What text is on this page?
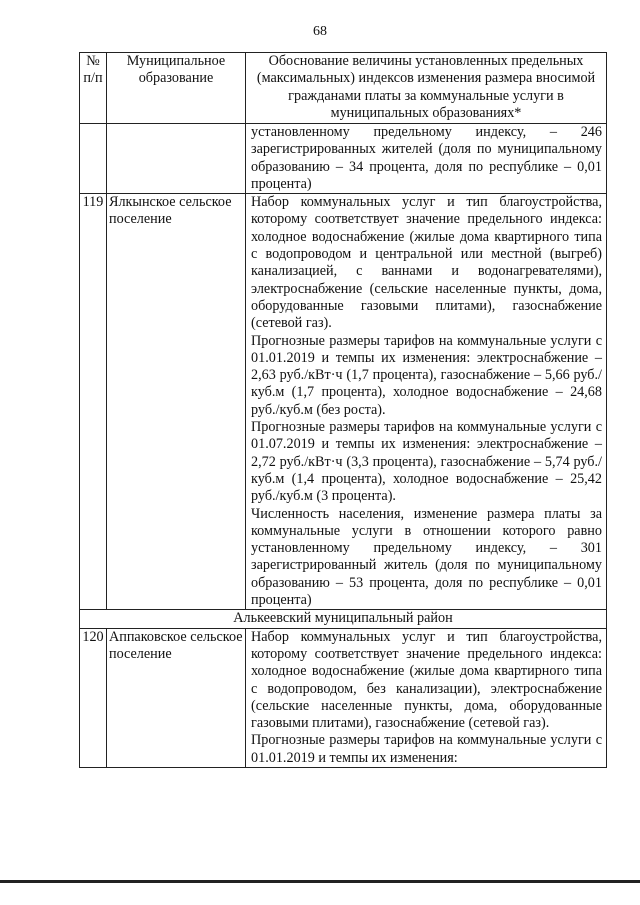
68
№ п/п	Муниципальное образование	Обоснование величины установленных предельных (максимальных) индексов изменения размера вносимой гражданами платы за коммунальные услуги в муниципальных образованиях*

		установленному предельному индексу, – 246 зарегистрированных жителей (доля по муниципальному образованию – 34 процента, доля по республике – 0,01 процента)

119	Ялкынское сельское поселение	Набор коммунальных услуг и тип благоустройства, которому соответствует значение предельного индекса: холодное водоснабжение (жилые дома квартирного типа с водопроводом и центральной или местной (выгреб) канализацией, с ваннами и водонагревателями), электроснабжение (сельские населенные пункты, дома, оборудованные газовыми плитами), газоснабжение (сетевой газ).

Прогнозные размеры тарифов на коммунальные услуги с 01.01.2019 и темпы их изменения: электроснабжение – 2,63 руб./кВт·ч (1,7 процента), газоснабжение – 5,66 руб./куб.м (1,7 процента), холодное водоснабжение – 24,68 руб./куб.м (без роста).

Прогнозные размеры тарифов на коммунальные услуги с 01.07.2019 и темпы их изменения: электроснабжение – 2,72 руб./кВт·ч (3,3 процента), газоснабжение – 5,74 руб./куб.м (1,4 процента), холодное водоснабжение – 25,42 руб./куб.м (3 процента).

Численность населения, изменение размера платы за коммунальные услуги в отношении которого равно установленному предельному индексу, – 301 зарегистрированный житель (доля по муниципальному образованию – 53 процента, доля по республике – 0,01 процента)

Алькеевский муниципальный район		
120	Аппаковское сельское поселение	Набор коммунальных услуг и тип благоустройства, которому соответствует значение предельного индекса: холодное водоснабжение (жилые дома квартирного типа с водопроводом, без канализации), электроснабжение (сельские населенные пункты, дома, оборудованные газовыми плитами), газоснабжение (сетевой газ).

Прогнозные размеры тарифов на коммунальные услуги с 01.01.2019 и темпы их изменения:
